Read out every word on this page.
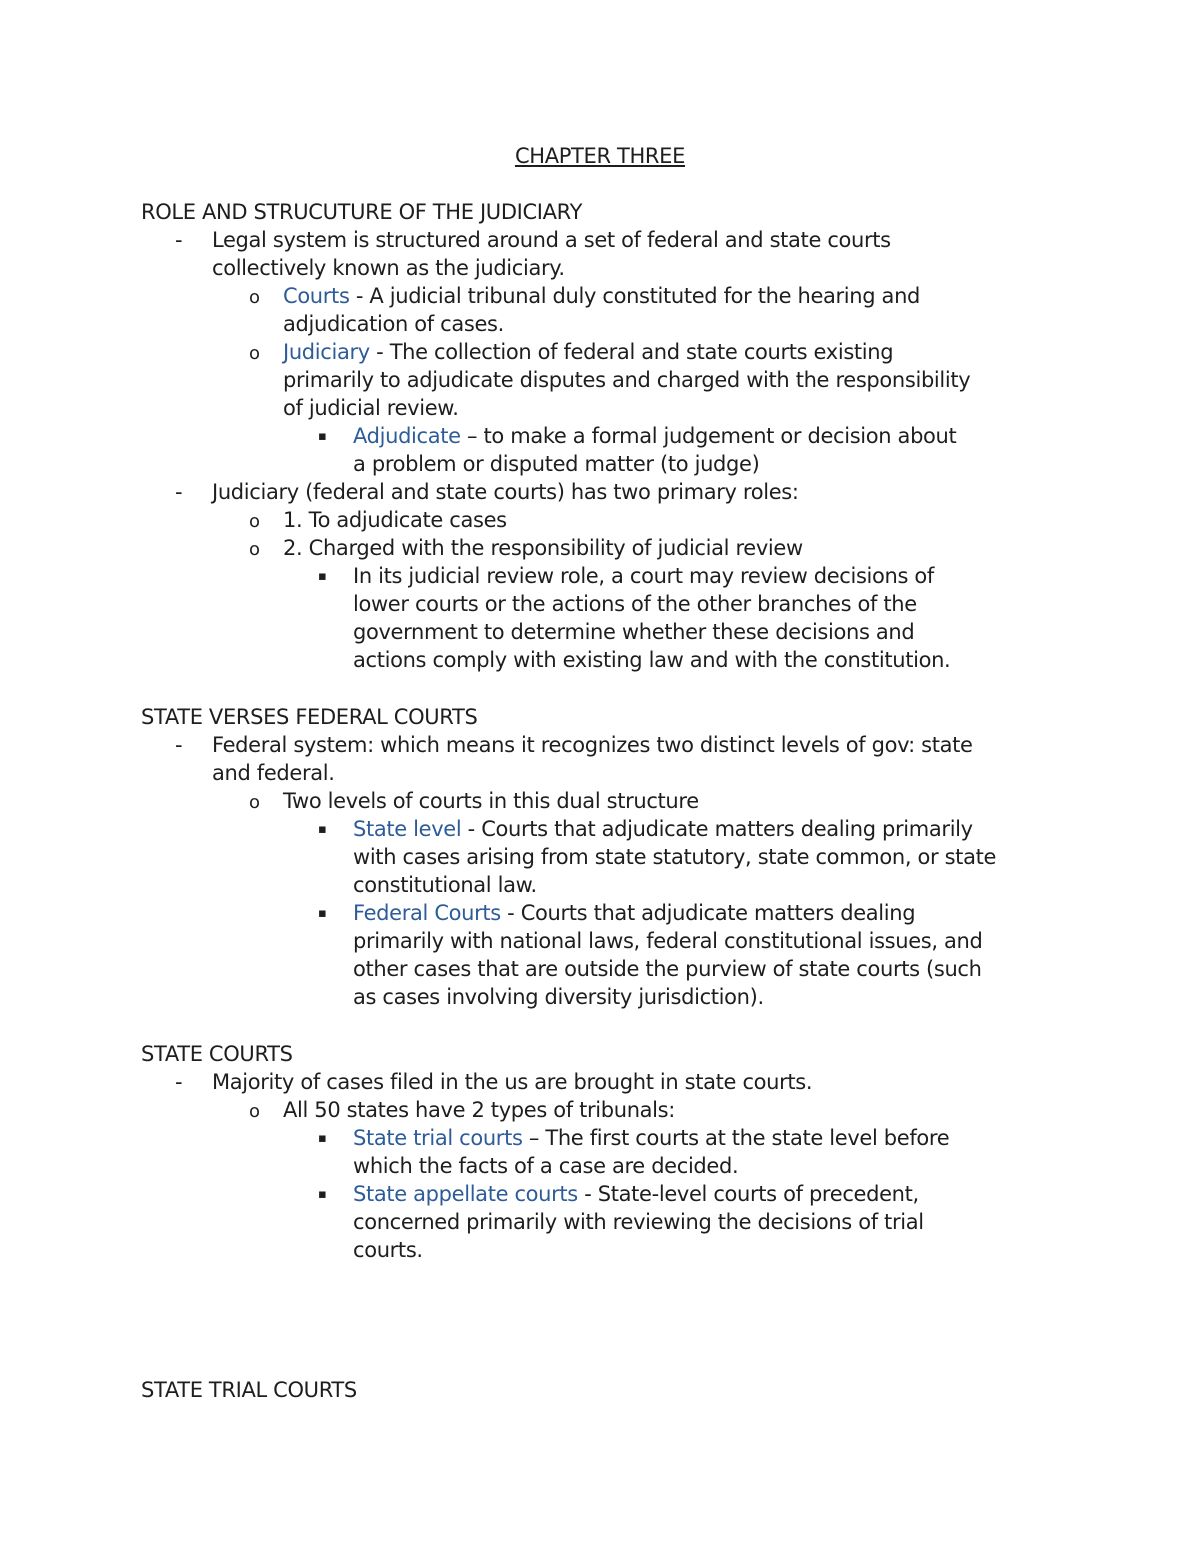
CHAPTER THREE
ROLE AND STRUCUTURE OF THE JUDICIARY
- Legal system is structured around a set of federal and state courts
collectively known as the judiciary.
o Courts - A judicial tribunal duly constituted for the hearing and
adjudication of cases.
o Judiciary - The collection of federal and state courts existing
primarily to adjudicate disputes and charged with the responsibility
of judicial review.
▪ Adjudicate – to make a formal judgement or decision about
a problem or disputed matter (to judge)
- Judiciary (federal and state courts) has two primary roles:
o 1. To adjudicate cases
o 2. Charged with the responsibility of judicial review
▪ In its judicial review role, a court may review decisions of
lower courts or the actions of the other branches of the
government to determine whether these decisions and
actions comply with existing law and with the constitution.
STATE VERSES FEDERAL COURTS
- Federal system: which means it recognizes two distinct levels of gov: state
and federal.
o Two levels of courts in this dual structure
▪ State level - Courts that adjudicate matters dealing primarily
with cases arising from state statutory, state common, or state
constitutional law.
▪ Federal Courts - Courts that adjudicate matters dealing
primarily with national laws, federal constitutional issues, and
other cases that are outside the purview of state courts (such
as cases involving diversity jurisdiction).
STATE COURTS
- Majority of cases filed in the us are brought in state courts.
o All 50 states have 2 types of tribunals:
▪ State trial courts – The first courts at the state level before
which the facts of a case are decided.
▪ State appellate courts - State-level courts of precedent,
concerned primarily with reviewing the decisions of trial
courts.
STATE TRIAL COURTS
